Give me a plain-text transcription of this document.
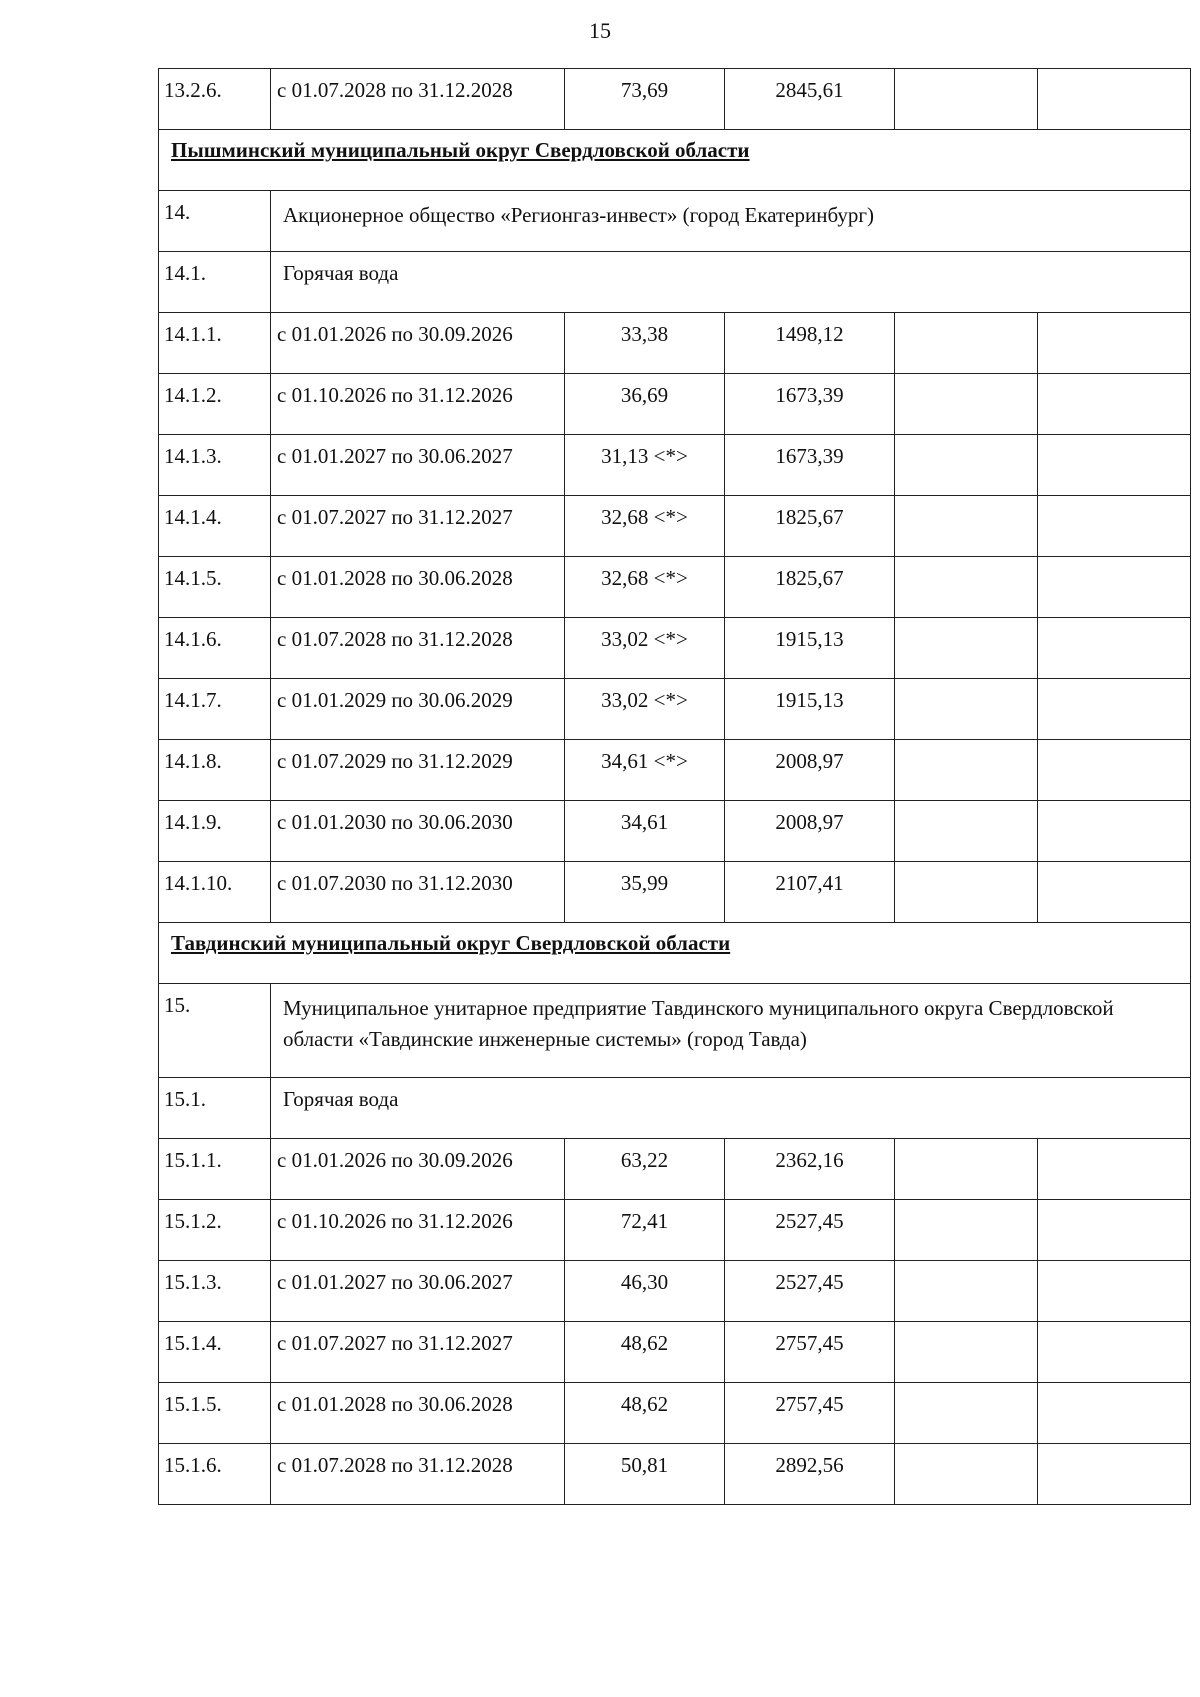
15
13.2.6.	с 01.07.2028 по 31.12.2028	73,69	2845,61		
Пышминский муниципальный округ Свердловской области					
14.	Акционерное общество «Регионгаз-инвест» (город Екатеринбург)				
14.1.	Горячая вода				
14.1.1.	с 01.01.2026 по 30.09.2026	33,38	1498,12		
14.1.2.	с 01.10.2026 по 31.12.2026	36,69	1673,39		
14.1.3.	с 01.01.2027 по 30.06.2027	31,13 <*>	1673,39		
14.1.4.	с 01.07.2027 по 31.12.2027	32,68 <*>	1825,67		
14.1.5.	с 01.01.2028 по 30.06.2028	32,68 <*>	1825,67		
14.1.6.	с 01.07.2028 по 31.12.2028	33,02 <*>	1915,13		
14.1.7.	с 01.01.2029 по 30.06.2029	33,02 <*>	1915,13		
14.1.8.	с 01.07.2029 по 31.12.2029	34,61 <*>	2008,97		
14.1.9.	с 01.01.2030 по 30.06.2030	34,61	2008,97		
14.1.10.	с 01.07.2030 по 31.12.2030	35,99	2107,41		
Тавдинский муниципальный округ Свердловской области					
15.	Муниципальное унитарное предприятие Тавдинского муниципального округа Свердловской области «Тавдинские инженерные системы» (город Тавда)				
15.1.	Горячая вода				
15.1.1.	с 01.01.2026 по 30.09.2026	63,22	2362,16		
15.1.2.	с 01.10.2026 по 31.12.2026	72,41	2527,45		
15.1.3.	с 01.01.2027 по 30.06.2027	46,30	2527,45		
15.1.4.	с 01.07.2027 по 31.12.2027	48,62	2757,45		
15.1.5.	с 01.01.2028 по 30.06.2028	48,62	2757,45		
15.1.6.	с 01.07.2028 по 31.12.2028	50,81	2892,56		
